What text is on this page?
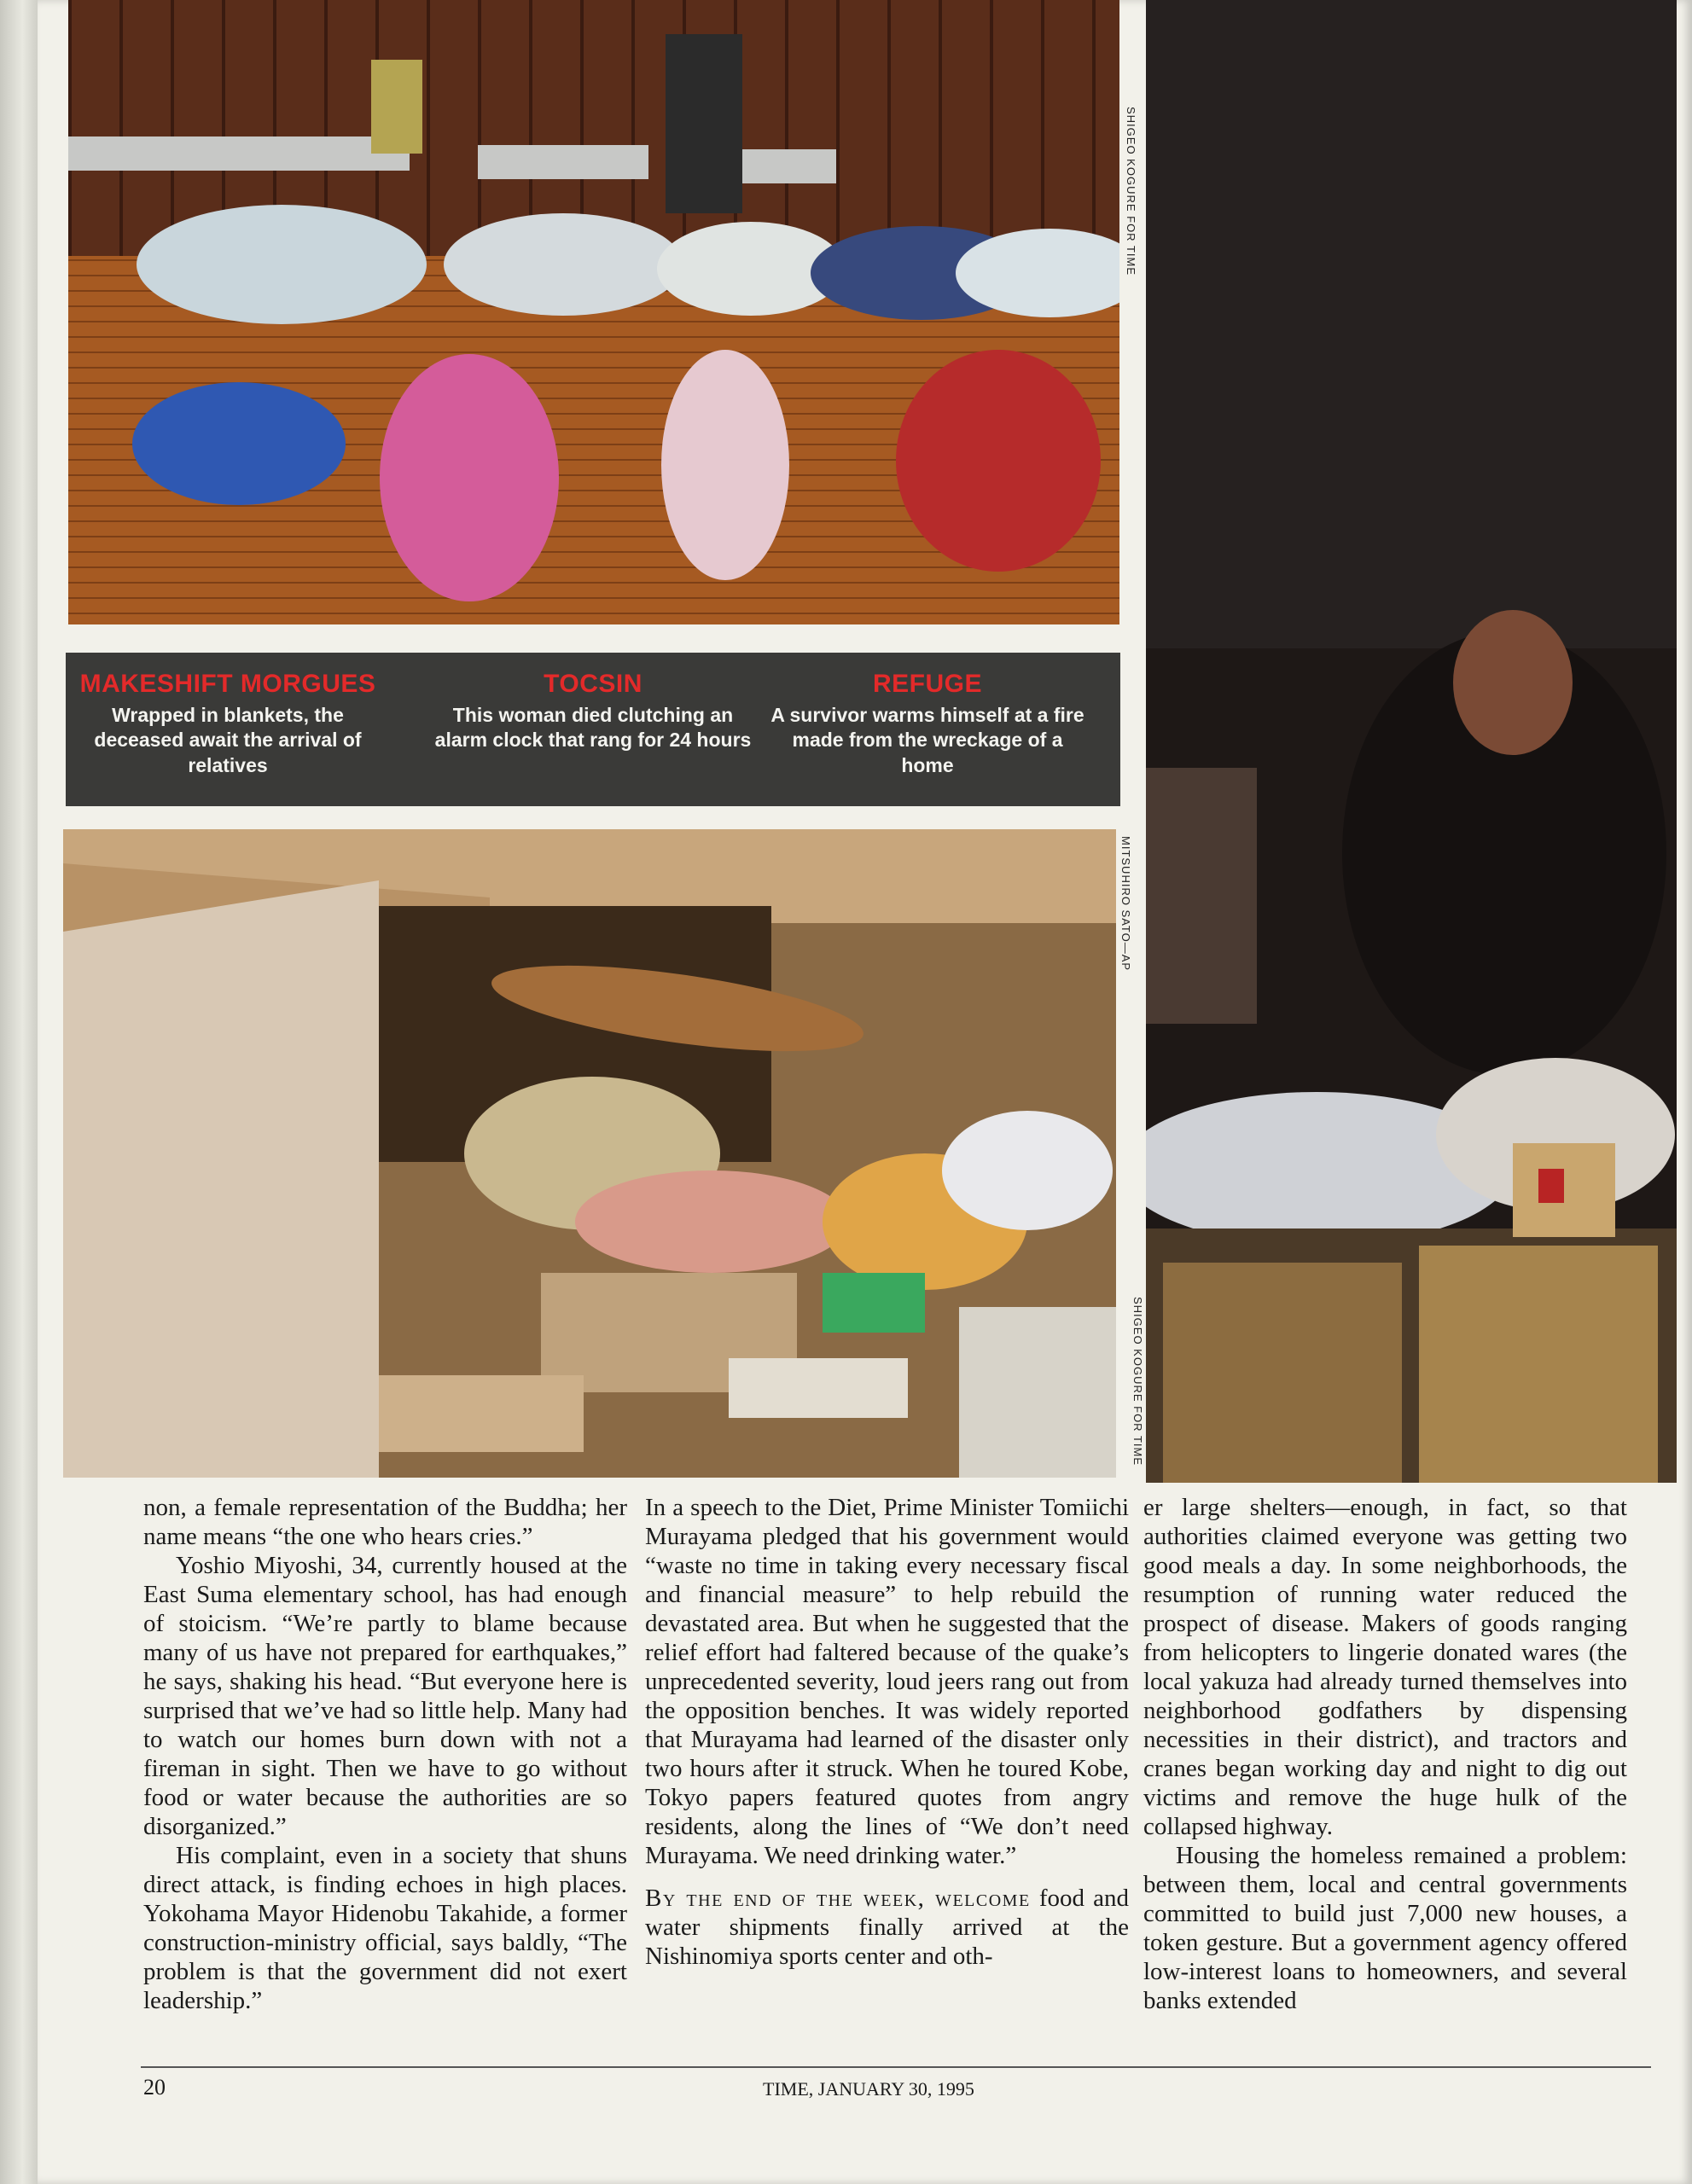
SHIGEO KOGURE FOR TIME
MAKESHIFT MORGUES
Wrapped in blankets, the deceased await the arrival of relatives
TOCSIN
This woman died clutching an alarm clock that rang for 24 hours
REFUGE
A survivor warms himself at a fire made from the wreckage of a home
MITSUHIRO SATO—AP
SHIGEO KOGURE FOR TIME

non, a female representation of the Buddha; her name means “the one who hears cries.”

Yoshio Miyoshi, 34, currently housed at the East Suma elementary school, has had enough of stoicism. “We’re partly to blame because many of us have not prepared for earthquakes,” he says, shaking his head. “But everyone here is surprised that we’ve had so little help. Many had to watch our homes burn down with not a fireman in sight. Then we have to go without food or water because the authorities are so disorganized.”

His complaint, even in a society that shuns direct attack, is finding echoes in high places. Yokohama Mayor Hidenobu Takahide, a former construction-ministry official, says baldly, “The problem is that the government did not exert leadership.”

In a speech to the Diet, Prime Minister Tomiichi Murayama pledged that his government would “waste no time in taking every necessary fiscal and financial measure” to help rebuild the devastated area. But when he suggested that the relief effort had faltered because of the quake’s unprecedented severity, loud jeers rang out from the opposition benches. It was widely reported that Murayama had learned of the disaster only two hours after it struck. When he toured Kobe, Tokyo papers featured quotes from angry residents, along the lines of “We don’t need Murayama. We need drinking water.”

By the end of the week, welcome food and water shipments finally arrived at the Nishinomiya sports center and oth-

er large shelters—enough, in fact, so that authorities claimed everyone was getting two good meals a day. In some neighborhoods, the resumption of running water reduced the prospect of disease. Makers of goods ranging from helicopters to lingerie donated wares (the local yakuza had already turned themselves into neighborhood godfathers by dispensing necessities in their district), and tractors and cranes began working day and night to dig out victims and remove the huge hulk of the collapsed highway.

Housing the homeless remained a problem: between them, local and central governments committed to build just 7,000 new houses, a token gesture. But a government agency offered low-interest loans to homeowners, and several banks extended

20	TIME, JANUARY 30, 1995
